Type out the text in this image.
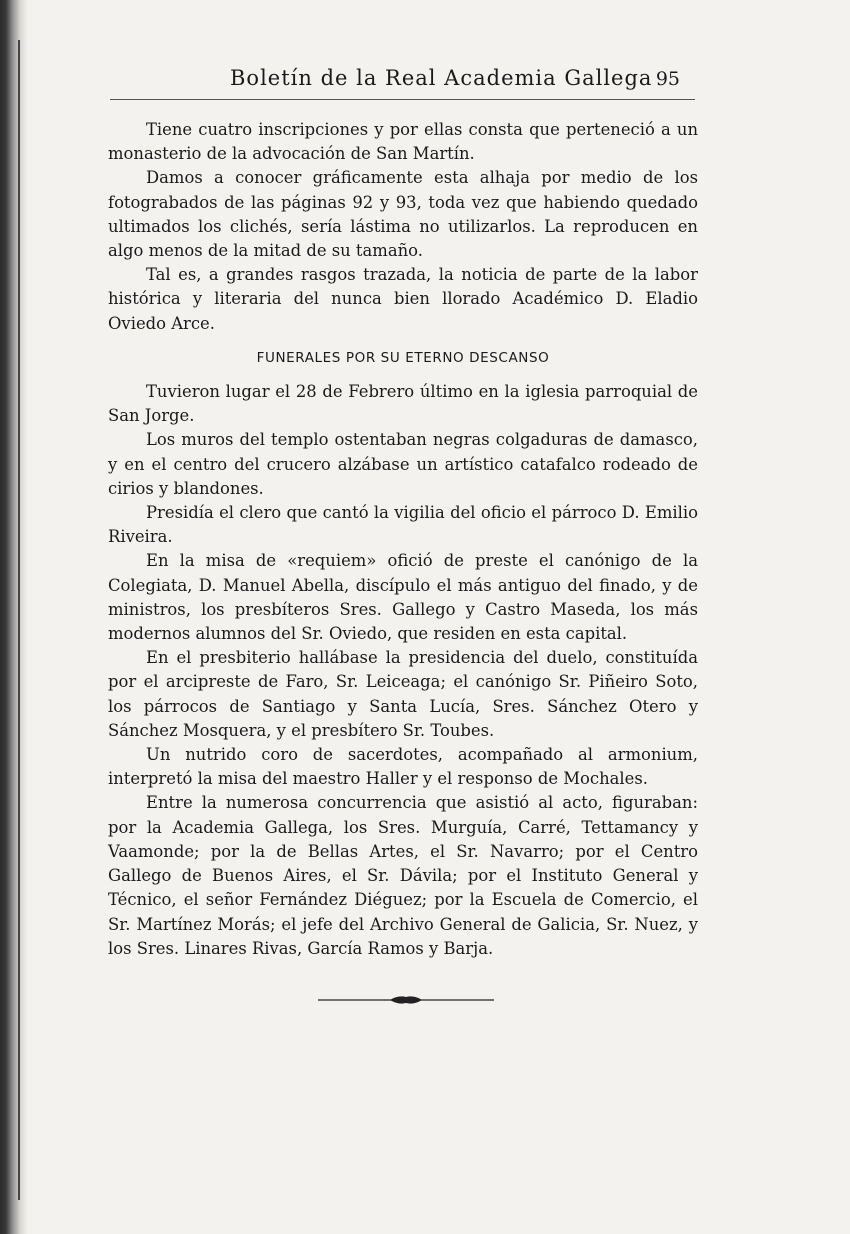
Boletín de la Real Academia Gallega 95

Tiene cuatro inscripciones y por ellas consta que perteneció a un monasterio de la advocación de San Martín.

Damos a conocer gráficamente esta alhaja por medio de los fotograbados de las páginas 92 y 93, toda vez que habiendo quedado ultimados los clichés, sería lástima no utilizarlos. La reproducen en algo menos de la mitad de su tamaño.

Tal es, a grandes rasgos trazada, la noticia de parte de la labor histórica y literaria del nunca bien llorado Académico D. Eladio Oviedo Arce.

FUNERALES POR SU ETERNO DESCANSO

Tuvieron lugar el 28 de Febrero último en la iglesia parroquial de San Jorge.

Los muros del templo ostentaban negras colgaduras de damasco, y en el centro del crucero alzábase un artístico catafalco rodeado de cirios y blandones.

Presidía el clero que cantó la vigilia del oficio el párroco D. Emilio Riveira.

En la misa de «requiem» ofició de preste el canónigo de la Colegiata, D. Manuel Abella, discípulo el más antiguo del finado, y de ministros, los presbíteros Sres. Gallego y Castro Maseda, los más modernos alumnos del Sr. Oviedo, que residen en esta capital.

En el presbiterio hallábase la presidencia del duelo, constituída por el arcipreste de Faro, Sr. Leiceaga; el canónigo Sr. Piñeiro Soto, los párrocos de Santiago y Santa Lucía, Sres. Sánchez Otero y Sánchez Mosquera, y el presbítero Sr. Toubes.

Un nutrido coro de sacerdotes, acompañado al armonium, interpretó la misa del maestro Haller y el responso de Mochales.

Entre la numerosa concurrencia que asistió al acto, figuraban: por la Academia Gallega, los Sres. Murguía, Carré, Tettamancy y Vaamonde; por la de Bellas Artes, el Sr. Navarro; por el Centro Gallego de Buenos Aires, el Sr. Dávila; por el Instituto General y Técnico, el señor Fernández Diéguez; por la Escuela de Comercio, el Sr. Martínez Morás; el jefe del Archivo General de Galicia, Sr. Nuez, y los Sres. Linares Rivas, García Ramos y Barja.
